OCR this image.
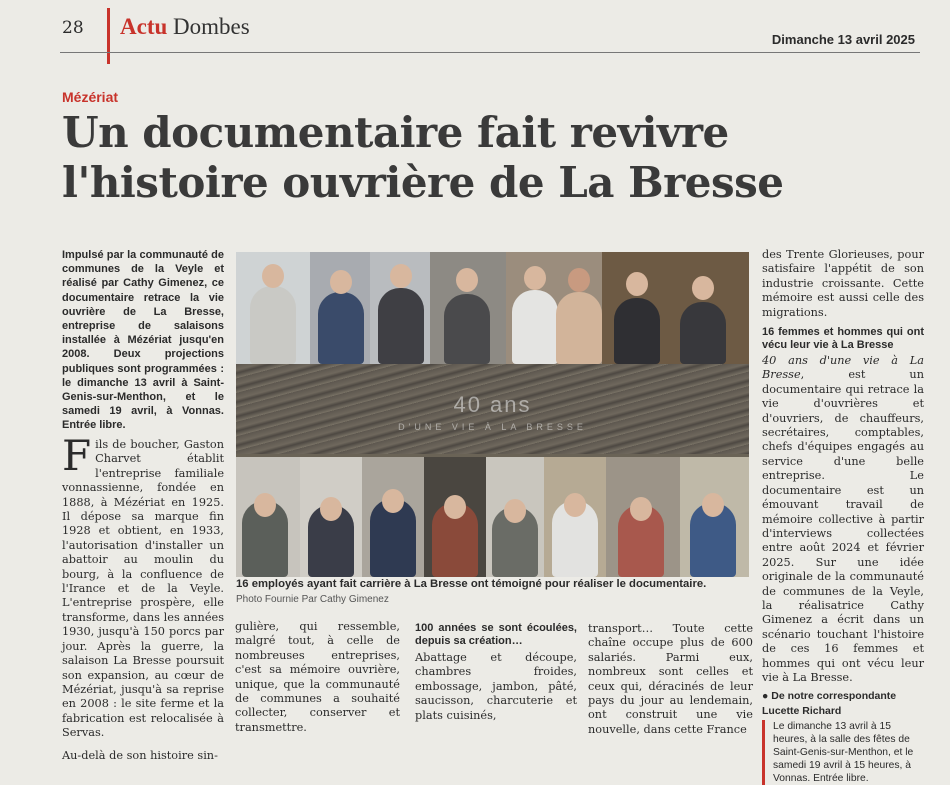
28 Actu Dombes
Dimanche 13 avril 2025
Mézériat
Un documentaire fait revivre
l'histoire ouvrière de La Bresse
Impulsé par la communauté de communes de la Veyle et réalisé par Cathy Gimenez, ce documentaire retrace la vie ouvrière de La Bresse, entreprise de salaisons installée à Mézériat jusqu'en 2008. Deux projections publiques sont programmées : le dimanche 13 avril à Saint-Genis-sur-Menthon, et le samedi 19 avril, à Vonnas. Entrée libre.
Fils de boucher, Gaston Charvet établit l'entreprise familiale vonnassienne, fondée en 1888, à Mézériat en 1925. Il dépose sa marque fin 1928 et obtient, en 1933, l'autorisation d'installer un abattoir au moulin du bourg, à la confluence de l'Irance et de la Veyle. L'entreprise prospère, elle transforme, dans les années 1930, jusqu'à 150 porcs par jour. Après la guerre, la salaison La Bresse poursuit son expansion, au cœur de Mézériat, jusqu'à sa reprise en 2008 : le site ferme et la fabrication est relocalisée à Servas.
Au-delà de son histoire sin-
40 ans
D'UNE VIE À LA BRESSE
16 employés ayant fait carrière à La Bresse ont témoigné pour réaliser le documentaire.
Photo Fournie Par Cathy Gimenez
gulière, qui ressemble, malgré tout, à celle de nombreuses entreprises, c'est sa mémoire ouvrière, unique, que la communauté de communes a souhaité collecter, conserver et transmettre.
100 années se sont écoulées, depuis sa création…
Abattage et découpe, chambres froides, embossage, jambon, pâté, saucisson, charcuterie et plats cuisinés,
transport… Toute cette chaîne occupe plus de 600 salariés. Parmi eux, nombreux sont celles et ceux qui, déracinés de leur pays du jour au lendemain, ont construit une vie nouvelle, dans cette France
des Trente Glorieuses, pour satisfaire l'appétit de son industrie croissante. Cette mémoire est aussi celle des migrations.
16 femmes et hommes qui ont vécu leur vie à La Bresse
40 ans d'une vie à La Bresse, est un documentaire qui retrace la vie d'ouvrières et d'ouvriers, de chauffeurs, secrétaires, comptables, chefs d'équipes engagés au service d'une belle entreprise. Le documentaire est un émouvant travail de mémoire collective à partir d'interviews collectées entre août 2024 et février 2025. Sur une idée originale de la communauté de communes de la Veyle, la réalisatrice Cathy Gimenez a écrit dans un scénario touchant l'histoire de ces 16 femmes et hommes qui ont vécu leur vie à La Bresse.
● De notre correspondante
Lucette Richard
Le dimanche 13 avril à 15 heures, à la salle des fêtes de Saint-Genis-sur-Menthon, et le samedi 19 avril à 15 heures, à Vonnas. Entrée libre.
